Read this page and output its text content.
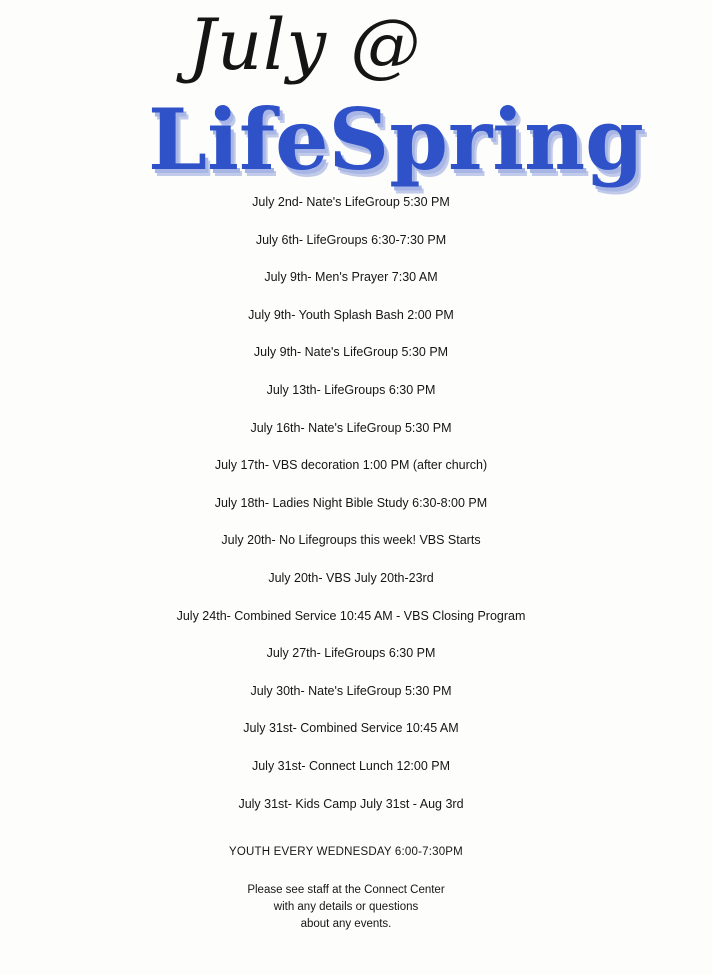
July @
LifeSpring
July 2nd- Nate's LifeGroup 5:30 PM
July 6th- LifeGroups 6:30-7:30 PM
July 9th- Men's Prayer 7:30 AM
July 9th- Youth Splash Bash 2:00 PM
July 9th- Nate's LifeGroup 5:30 PM
July 13th- LifeGroups 6:30 PM
July 16th- Nate's LifeGroup 5:30 PM
July 17th- VBS decoration 1:00 PM (after church)
July 18th- Ladies Night Bible Study 6:30-8:00 PM
July 20th- No Lifegroups this week! VBS Starts
July 20th- VBS July 20th-23rd
July 24th- Combined Service 10:45 AM - VBS Closing Program
July 27th- LifeGroups 6:30 PM
July 30th- Nate's LifeGroup 5:30 PM
July 31st- Combined Service 10:45 AM
July 31st- Connect Lunch 12:00 PM
July 31st- Kids Camp July 31st - Aug 3rd
YOUTH EVERY WEDNESDAY 6:00-7:30PM
Please see staff at the Connect Center
with any details or questions
about any events.
